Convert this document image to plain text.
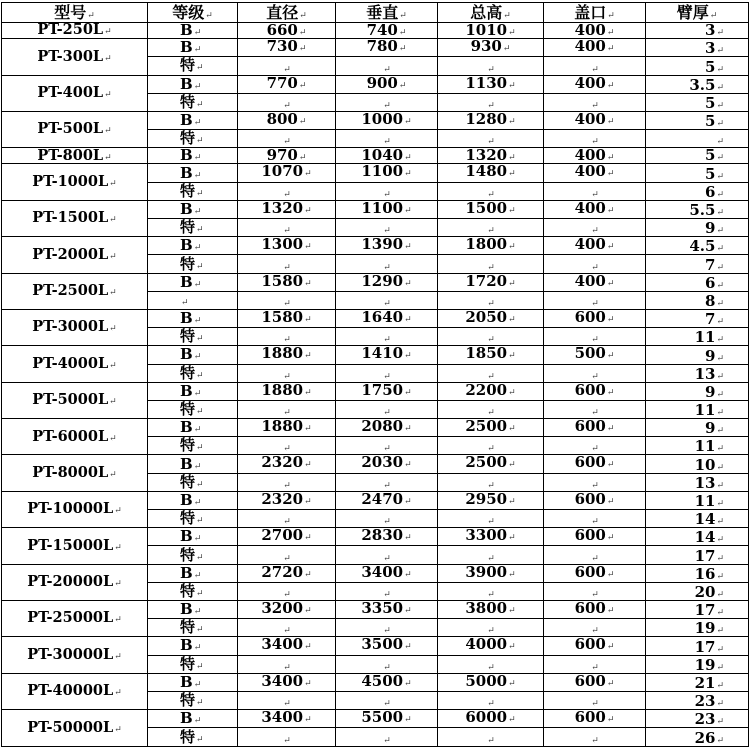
型号↵	等级↵	直径↵	垂直↵	总高↵	盖口↵	臂厚↵
PT-250L↵	B↵	660↵	740↵	1010↵	400↵	3↵
PT-300L↵	B↵	730↵	780↵	930↵	400↵	3↵
	特↵	↵	↵	↵	↵	5↵
PT-400L↵	B↵	770↵	900↵	1130↵	400↵	3.5↵
	特↵	↵	↵	↵	↵	5↵
PT-500L↵	B↵	800↵	1000↵	1280↵	400↵	5↵
	特↵	↵	↵	↵	↵	↵
PT-800L↵	B↵	970↵	1040↵	1320↵	400↵	5↵
PT-1000L↵	B↵	1070↵	1100↵	1480↵	400↵	5↵
	特↵	↵	↵	↵	↵	6↵
PT-1500L↵	B↵	1320↵	1100↵	1500↵	400↵	5.5↵
	特↵	↵	↵	↵	↵	9↵
PT-2000L↵	B↵	1300↵	1390↵	1800↵	400↵	4.5↵
	特↵	↵	↵	↵	↵	7↵
PT-2500L↵	B↵	1580↵	1290↵	1720↵	400↵	6↵
	↵	↵	↵	↵	↵	8↵
PT-3000L↵	B↵	1580↵	1640↵	2050↵	600↵	7↵
	特↵	↵	↵	↵	↵	11↵
PT-4000L↵	B↵	1880↵	1410↵	1850↵	500↵	9↵
	特↵	↵	↵	↵	↵	13↵
PT-5000L↵	B↵	1880↵	1750↵	2200↵	600↵	9↵
	特↵	↵	↵	↵	↵	11↵
PT-6000L↵	B↵	1880↵	2080↵	2500↵	600↵	9↵
	特↵	↵	↵	↵	↵	11↵
PT-8000L↵	B↵	2320↵	2030↵	2500↵	600↵	10↵
	特↵	↵	↵	↵	↵	13↵
PT-10000L↵	B↵	2320↵	2470↵	2950↵	600↵	11↵
	特↵	↵	↵	↵	↵	14↵
PT-15000L↵	B↵	2700↵	2830↵	3300↵	600↵	14↵
	特↵	↵	↵	↵	↵	17↵
PT-20000L↵	B↵	2720↵	3400↵	3900↵	600↵	16↵
	特↵	↵	↵	↵	↵	20↵
PT-25000L↵	B↵	3200↵	3350↵	3800↵	600↵	17↵
	特↵	↵	↵	↵	↵	19↵
PT-30000L↵	B↵	3400↵	3500↵	4000↵	600↵	17↵
	特↵	↵	↵	↵	↵	19↵
PT-40000L↵	B↵	3400↵	4500↵	5000↵	600↵	21↵
	特↵	↵	↵	↵	↵	23↵
PT-50000L↵	B↵	3400↵	5500↵	6000↵	600↵	23↵
	特↵	↵	↵	↵	↵	26↵
